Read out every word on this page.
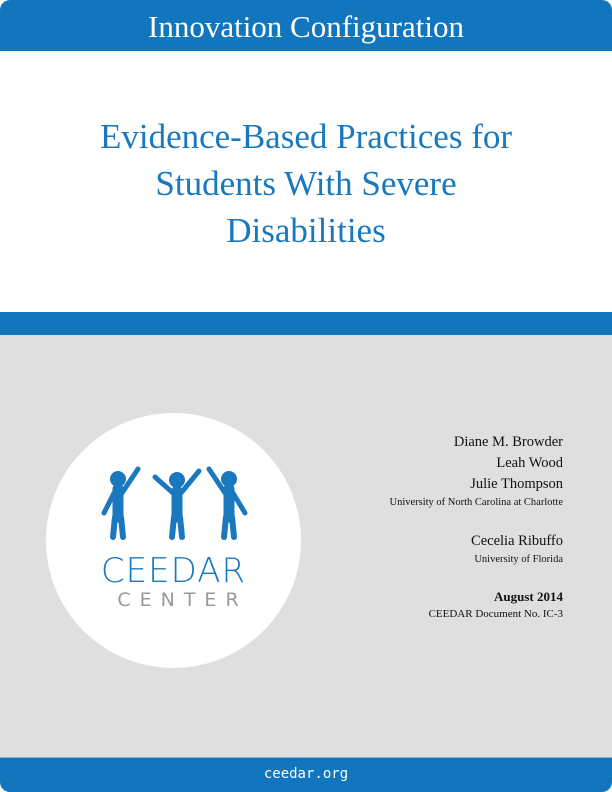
Innovation Configuration
Evidence-Based Practices for
Students With Severe
Disabilities
CEEDAR
CENTER
Diane M. Browder
Leah Wood
Julie Thompson
University of North Carolina at Charlotte
Cecelia Ribuffo
University of Florida
August 2014
CEEDAR Document No. IC-3
ceedar.org
